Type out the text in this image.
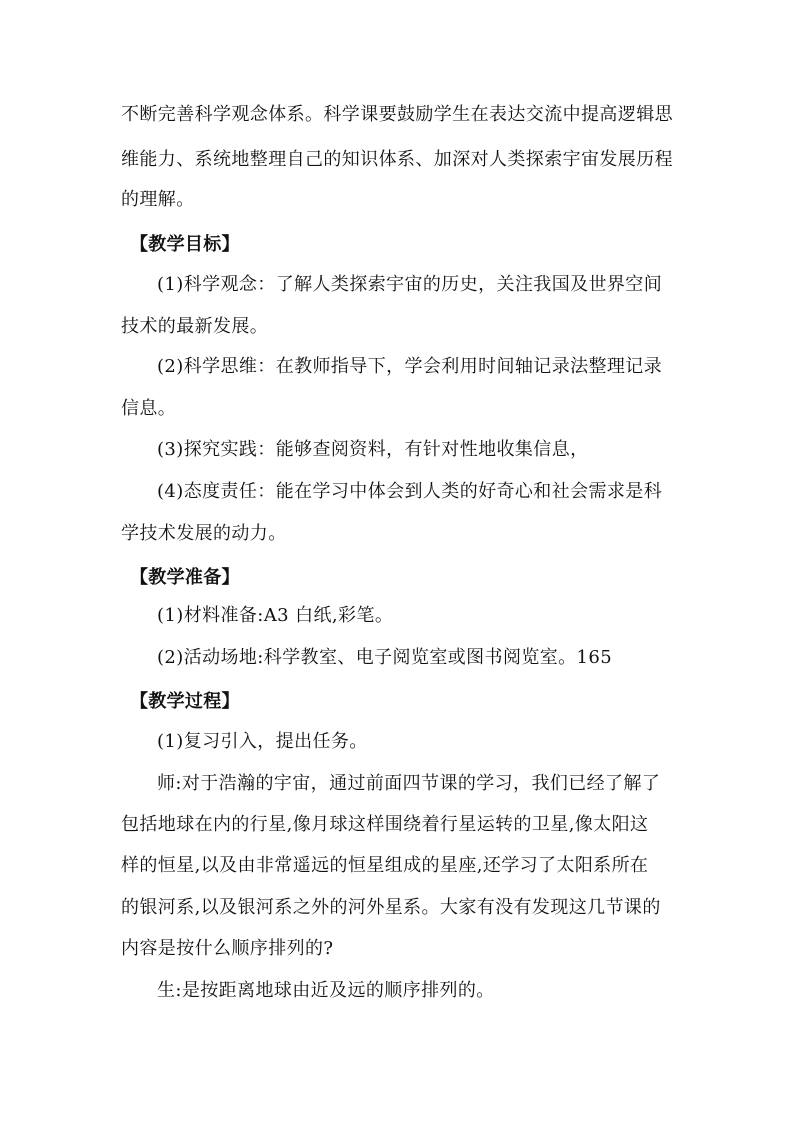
不断完善科学观念体系。科学课要鼓励学生在表达交流中提高逻辑思
维能力、系统地整理自己的知识体系、加深对人类探索宇宙发展历程
的理解。
【教学目标】
(1)科学观念：了解人类探索宇宙的历史，关注我国及世界空间
技术的最新发展。
(2)科学思维：在教师指导下，学会利用时间轴记录法整理记录
信息。
(3)探究实践：能够查阅资料，有针对性地收集信息，
(4)态度责任：能在学习中体会到人类的好奇心和社会需求是科
学技术发展的动力。
【教学准备】
(1)材料准备:A3 白纸,彩笔。
(2)活动场地:科学教室、电子阅览室或图书阅览室。165
【教学过程】
(1)复习引入，提出任务。
师:对于浩瀚的宇宙，通过前面四节课的学习，我们已经了解了
包括地球在内的行星,像月球这样围绕着行星运转的卫星,像太阳这
样的恒星,以及由非常遥远的恒星组成的星座,还学习了太阳系所在
的银河系,以及银河系之外的河外星系。大家有没有发现这几节课的
内容是按什么顺序排列的?
生:是按距离地球由近及远的顺序排列的。
